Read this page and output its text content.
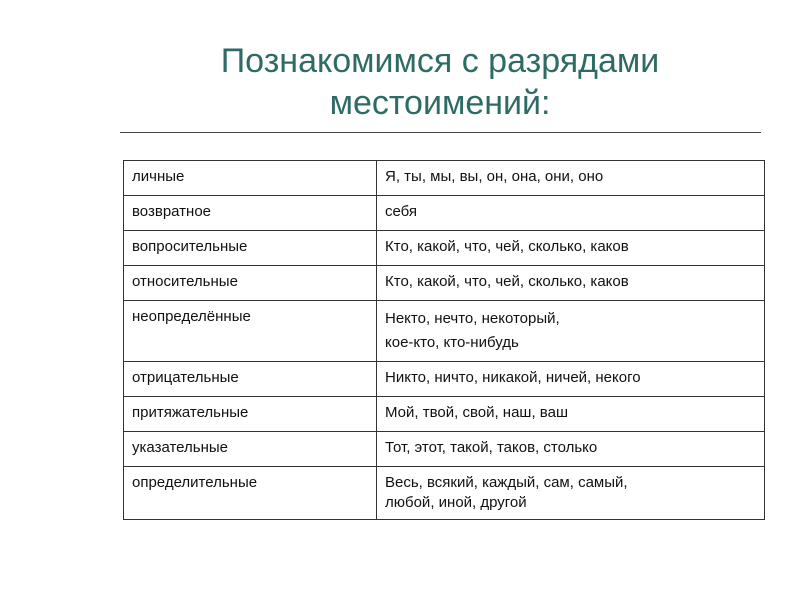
Познакомимся с разрядами
местоимений:
личные	Я, ты, мы, вы, он, она, они, оно
возвратное	себя
вопросительные	Кто, какой, что, чей, сколько, каков
относительные	Кто, какой, что, чей, сколько, каков
неопределённые	Некто, нечто, некоторый,
кое-кто, кто-нибудь

отрицательные	Никто, ничто, никакой, ничей, некого
притяжательные	Мой, твой, свой, наш, ваш
указательные	Тот, этот, такой, таков, столько
определительные	Весь, всякий, каждый, сам, самый,
любой, иной, другой
